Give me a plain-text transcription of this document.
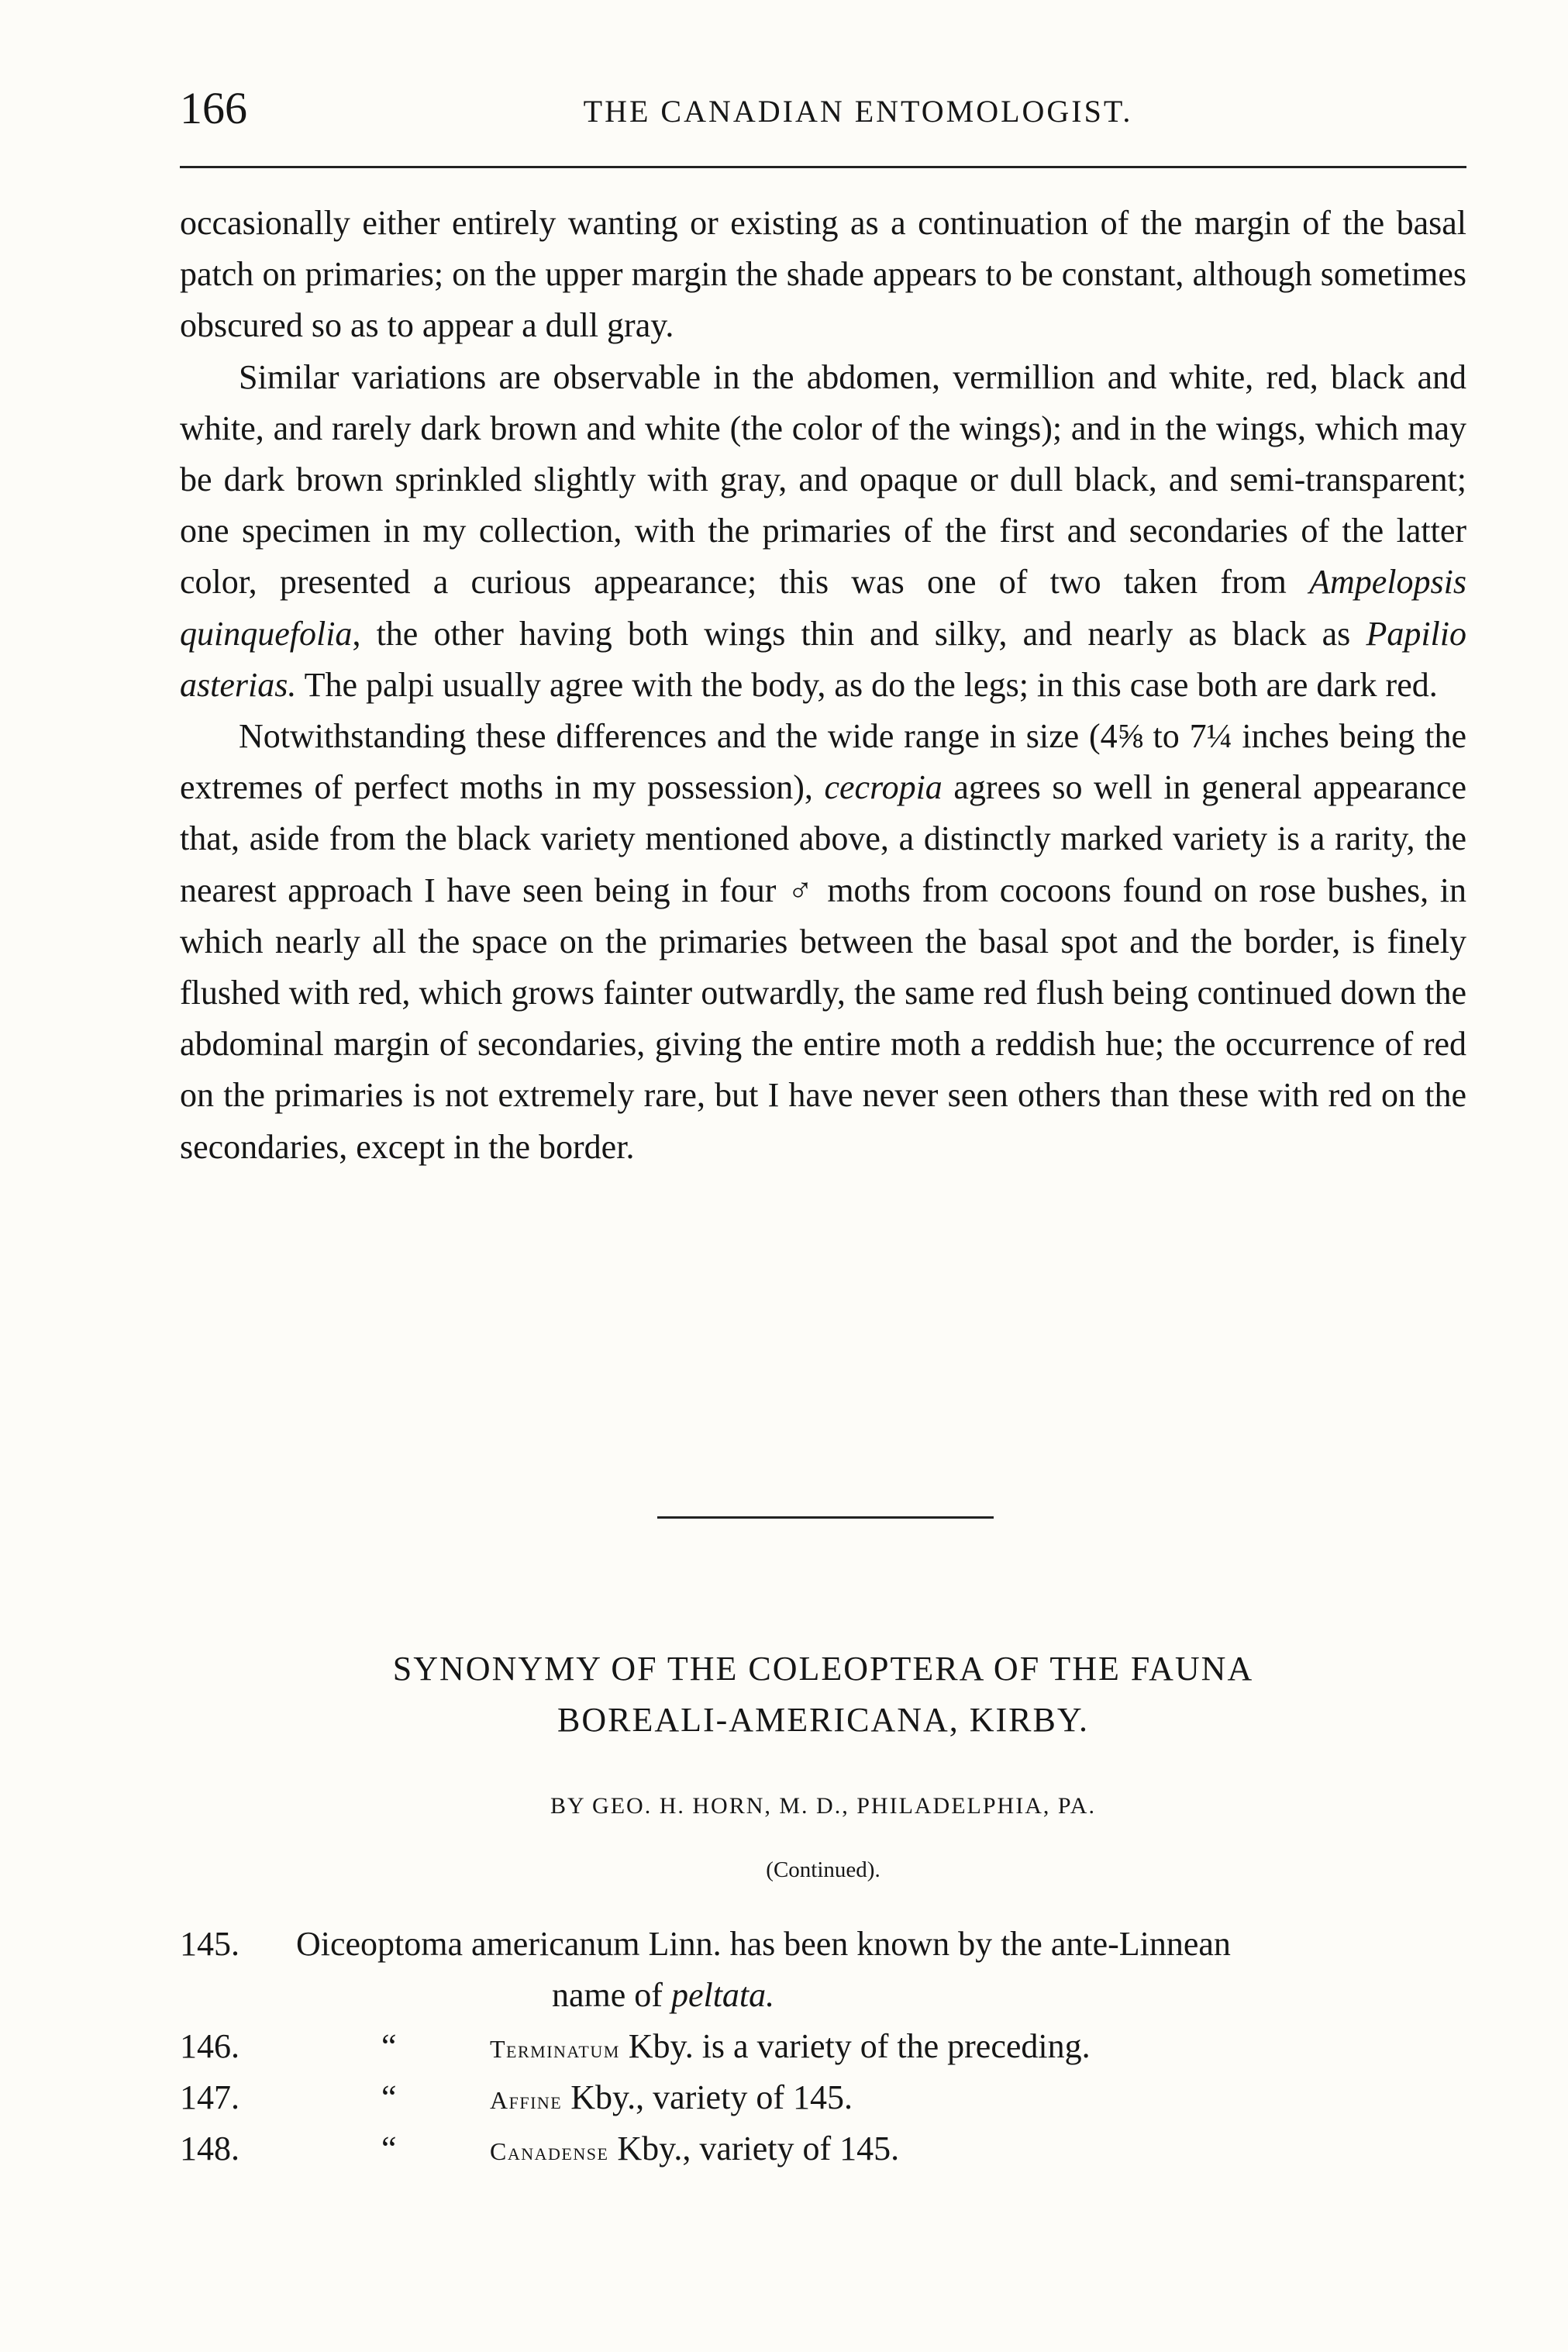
166	THE CANADIAN ENTOMOLOGIST.

occasionally either entirely wanting or existing as a continuation of the margin of the basal patch on primaries; on the upper margin the shade appears to be constant, although sometimes obscured so as to appear a dull gray.

Similar variations are observable in the abdomen, vermillion and white, red, black and white, and rarely dark brown and white (the color of the wings); and in the wings, which may be dark brown sprinkled slightly with gray, and opaque or dull black, and semi-transparent; one specimen in my collection, with the primaries of the first and secondaries of the latter color, presented a curious appearance; this was one of two taken from Ampelopsis quinquefolia, the other having both wings thin and silky, and nearly as black as Papilio asterias. The palpi usually agree with the body, as do the legs; in this case both are dark red.

Notwithstanding these differences and the wide range in size (4⅝ to 7¼ inches being the extremes of perfect moths in my possession), cecropia agrees so well in general appearance that, aside from the black variety mentioned above, a distinctly marked variety is a rarity, the nearest approach I have seen being in four ♂ moths from cocoons found on rose bushes, in which nearly all the space on the primaries between the basal spot and the border, is finely flushed with red, which grows fainter outwardly, the same red flush being continued down the abdominal margin of secondaries, giving the entire moth a reddish hue; the occurrence of red on the primaries is not extremely rare, but I have never seen others than these with red on the secondaries, except in the border.

SYNONYMY OF THE COLEOPTERA OF THE FAUNA
BOREALI-AMERICANA, KIRBY.
BY GEO. H. HORN, M. D., PHILADELPHIA, PA.
(Continued).
145. Oiceoptoma americanum Linn. has been known by the ante-Linnean
name of peltata.
146.	“	Terminatum Kby. is a variety of the preceding.
147.	“	Affine Kby., variety of 145.
148.	“	Canadense Kby., variety of 145.
